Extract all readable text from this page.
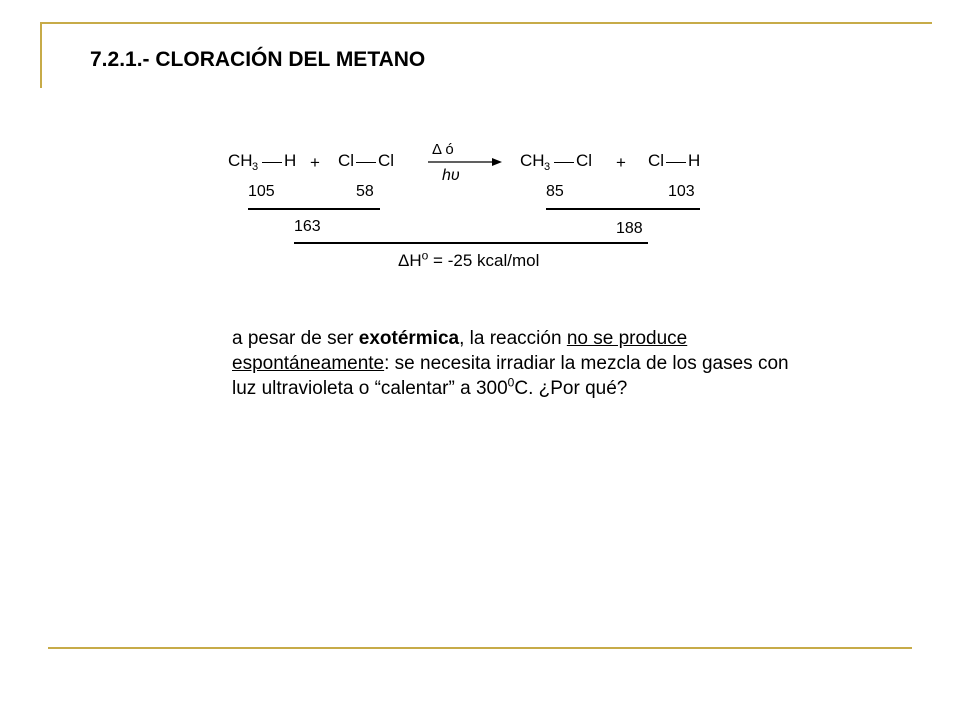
7.2.1.- CLORACIÓN DEL METANO
CH 3 H + Cl Cl
Δ ó
hυ
CH 3 Cl + Cl H
105	58	85	103
163	188
$\Delta H^o = -25$ kcal/mol

a pesar de ser exotérmica, la reacción no se produce espontáneamente: se necesita irradiar la mezcla de los gases con luz ultravioleta o “calentar” a $300^0C$. ¿Por qué?
